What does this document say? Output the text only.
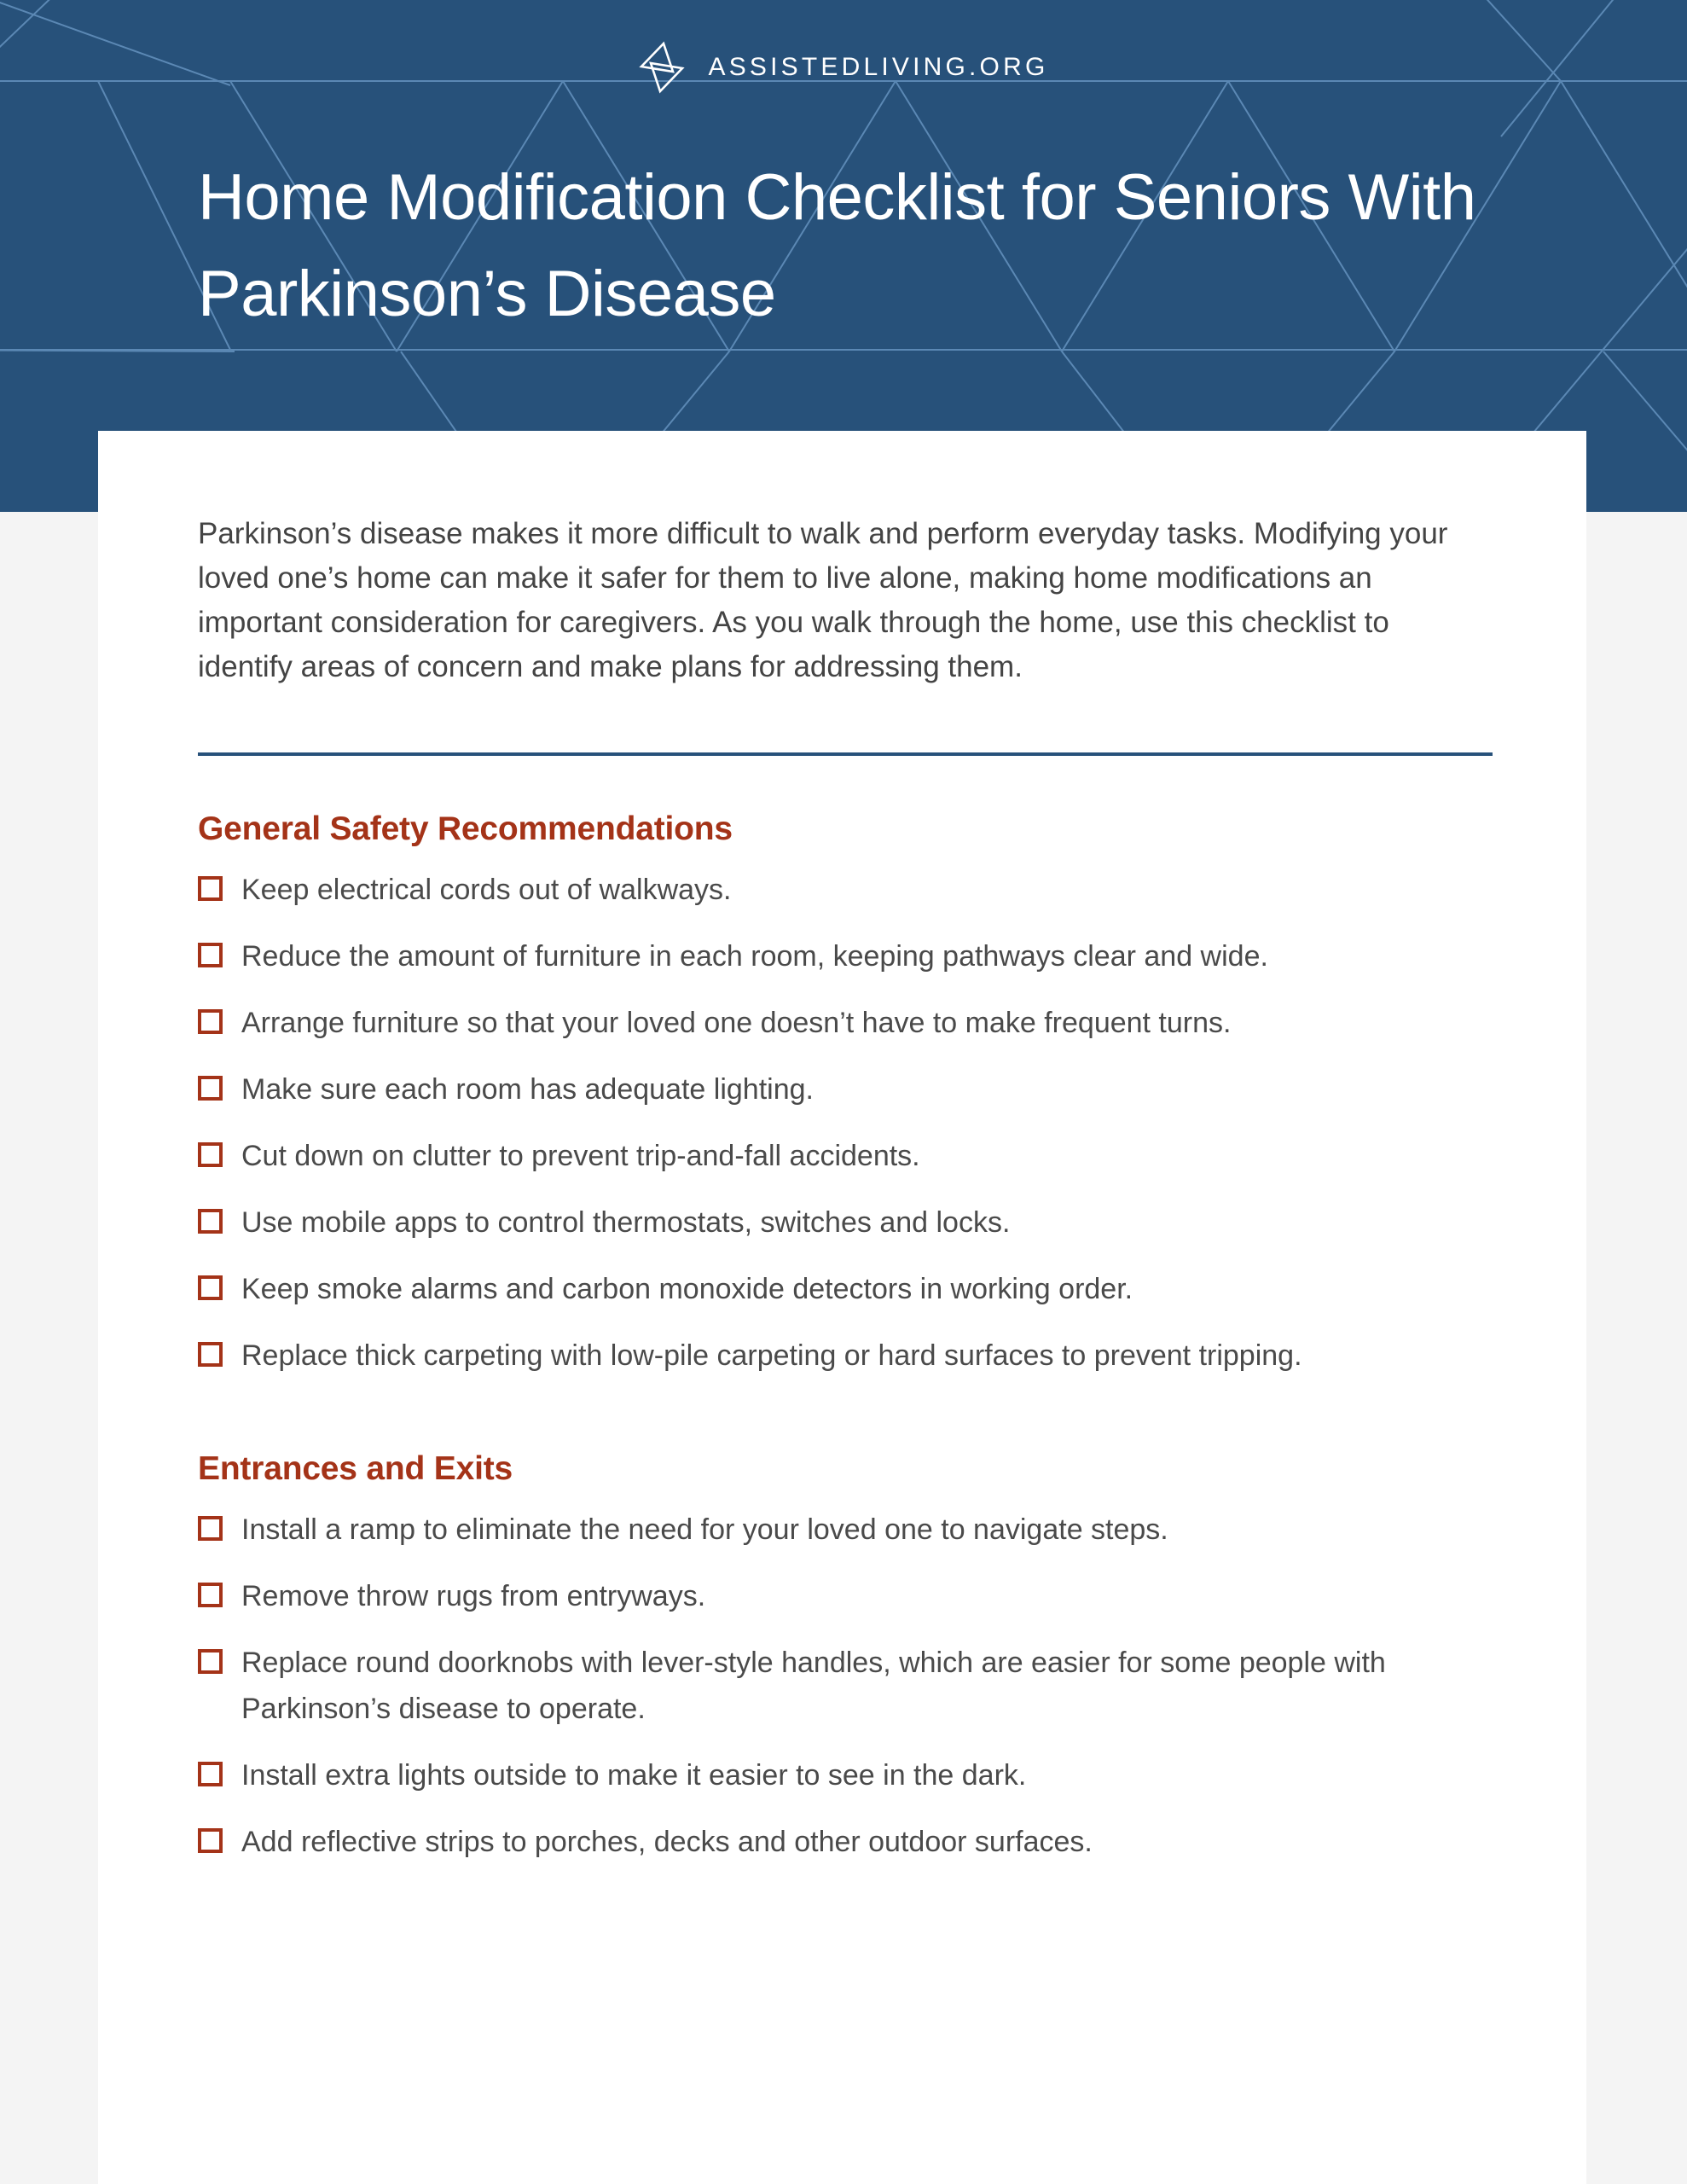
ASSISTEDLIVING.ORG
Home Modification Checklist for Seniors With Parkinson’s Disease

Parkinson’s disease makes it more difficult to walk and perform everyday tasks. Modifying your loved one’s home can make it safer for them to live alone, making home modifications an important consideration for caregivers. As you walk through the home, use this checklist to identify areas of concern and make plans for addressing them.

General Safety Recommendations
Keep electrical cords out of walkways.
Reduce the amount of furniture in each room, keeping pathways clear and wide.
Arrange furniture so that your loved one doesn’t have to make frequent turns.
Make sure each room has adequate lighting.
Cut down on clutter to prevent trip-and-fall accidents.
Use mobile apps to control thermostats, switches and locks.
Keep smoke alarms and carbon monoxide detectors in working order.
Replace thick carpeting with low-pile carpeting or hard surfaces to prevent tripping.
Entrances and Exits
Install a ramp to eliminate the need for your loved one to navigate steps.
Remove throw rugs from entryways.
Replace round doorknobs with lever-style handles, which are easier for some people with Parkinson’s disease to operate.
Install extra lights outside to make it easier to see in the dark.
Add reflective strips to porches, decks and other outdoor surfaces.
